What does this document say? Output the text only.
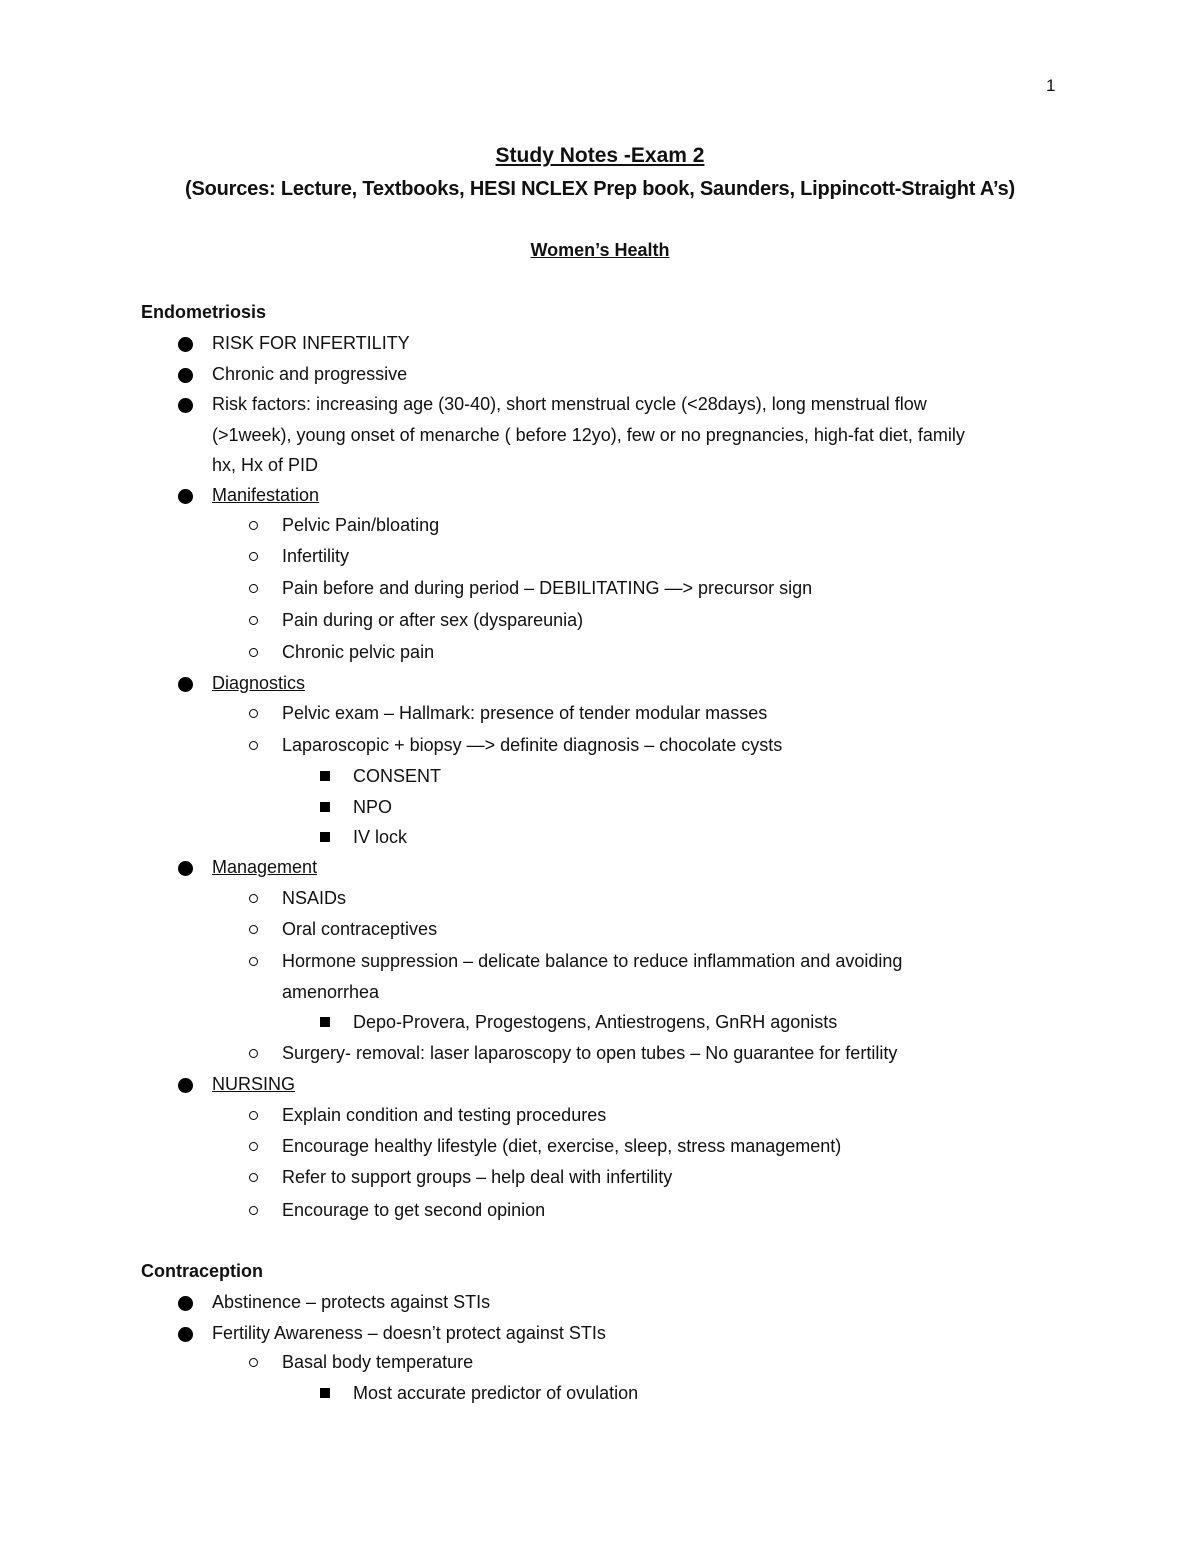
1
Study Notes -Exam 2
(Sources: Lecture, Textbooks, HESI NCLEX Prep book, Saunders, Lippincott-Straight A’s)
Women’s Health
Endometriosis
RISK FOR INFERTILITY
Chronic and progressive
Risk factors: increasing age (30-40), short menstrual cycle (<28days), long menstrual flow
(>1week), young onset of menarche ( before 12yo), few or no pregnancies, high-fat diet, family
hx, Hx of PID
Manifestation
Pelvic Pain/bloating
Infertility
Pain before and during period – DEBILITATING —> precursor sign
Pain during or after sex (dyspareunia)
Chronic pelvic pain
Diagnostics
Pelvic exam – Hallmark: presence of tender modular masses
Laparoscopic + biopsy —> definite diagnosis – chocolate cysts
CONSENT
NPO
IV lock
Management
NSAIDs
Oral contraceptives
Hormone suppression – delicate balance to reduce inflammation and avoiding
amenorrhea
Depo-Provera, Progestogens, Antiestrogens, GnRH agonists
Surgery- removal: laser laparoscopy to open tubes – No guarantee for fertility
NURSING
Explain condition and testing procedures
Encourage healthy lifestyle (diet, exercise, sleep, stress management)
Refer to support groups – help deal with infertility
Encourage to get second opinion
Contraception
Abstinence – protects against STIs
Fertility Awareness – doesn’t protect against STIs
Basal body temperature
Most accurate predictor of ovulation
